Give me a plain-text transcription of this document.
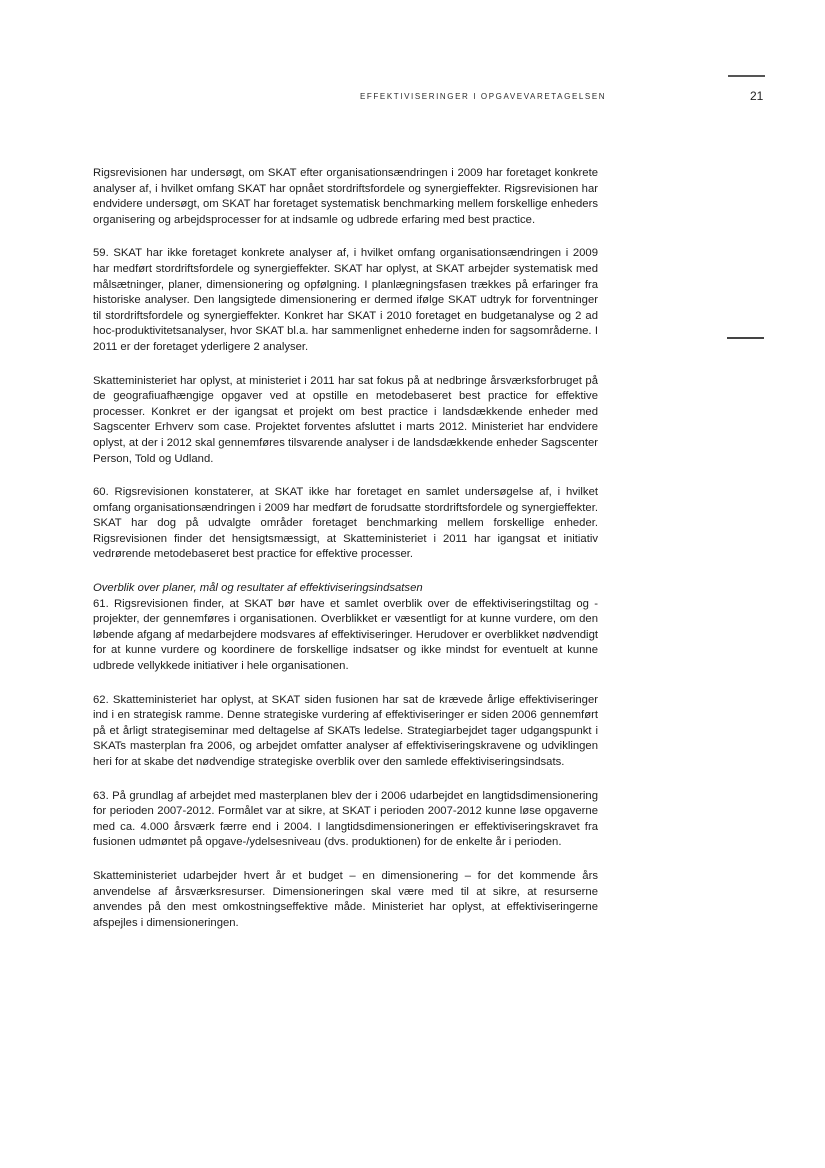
EFFEKTIVISERINGER I OPGAVEVARETAGELSEN	21

Rigsrevisionen har undersøgt, om SKAT efter organisationsændringen i 2009 har foretaget konkrete analyser af, i hvilket omfang SKAT har opnået stordriftsfordele og synergieffekter. Rigsrevisionen har endvidere undersøgt, om SKAT har foretaget systematisk benchmarking mellem forskellige enheders organisering og arbejdsprocesser for at indsamle og udbrede erfaring med best practice.

59. SKAT har ikke foretaget konkrete analyser af, i hvilket omfang organisationsændringen i 2009 har medført stordriftsfordele og synergieffekter. SKAT har oplyst, at SKAT arbejder systematisk med målsætninger, planer, dimensionering og opfølgning. I planlægningsfasen trækkes på erfaringer fra historiske analyser. Den langsigtede dimensionering er dermed ifølge SKAT udtryk for forventninger til stordriftsfordele og synergieffekter. Konkret har SKAT i 2010 foretaget en budgetanalyse og 2 ad hoc-produktivitetsanalyser, hvor SKAT bl.a. har sammenlignet enhederne inden for sagsområderne. I 2011 er der foretaget yderligere 2 analyser.

Skatteministeriet har oplyst, at ministeriet i 2011 har sat fokus på at nedbringe årsværksforbruget på de geografiuafhængige opgaver ved at opstille en metodebaseret best practice for effektive processer. Konkret er der igangsat et projekt om best practice i landsdækkende enheder med Sagscenter Erhverv som case. Projektet forventes afsluttet i marts 2012. Ministeriet har endvidere oplyst, at der i 2012 skal gennemføres tilsvarende analyser i de landsdækkende enheder Sagscenter Person, Told og Udland.

60. Rigsrevisionen konstaterer, at SKAT ikke har foretaget en samlet undersøgelse af, i hvilket omfang organisationsændringen i 2009 har medført de forudsatte stordriftsfordele og synergieffekter. SKAT har dog på udvalgte områder foretaget benchmarking mellem forskellige enheder. Rigsrevisionen finder det hensigtsmæssigt, at Skatteministeriet i 2011 har igangsat et initiativ vedrørende metodebaseret best practice for effektive processer.

Overblik over planer, mål og resultater af effektiviseringsindsatsen

61. Rigsrevisionen finder, at SKAT bør have et samlet overblik over de effektiviseringstiltag og -projekter, der gennemføres i organisationen. Overblikket er væsentligt for at kunne vurdere, om den løbende afgang af medarbejdere modsvares af effektiviseringer. Herudover er overblikket nødvendigt for at kunne vurdere og koordinere de forskellige indsatser og ikke mindst for eventuelt at kunne udbrede vellykkede initiativer i hele organisationen.

62. Skatteministeriet har oplyst, at SKAT siden fusionen har sat de krævede årlige effektiviseringer ind i en strategisk ramme. Denne strategiske vurdering af effektiviseringer er siden 2006 gennemført på et årligt strategiseminar med deltagelse af SKATs ledelse. Strategiarbejdet tager udgangspunkt i SKATs masterplan fra 2006, og arbejdet omfatter analyser af effektiviseringskravene og udviklingen heri for at skabe det nødvendige strategiske overblik over den samlede effektiviseringsindsats.

63. På grundlag af arbejdet med masterplanen blev der i 2006 udarbejdet en langtidsdimensionering for perioden 2007-2012. Formålet var at sikre, at SKAT i perioden 2007-2012 kunne løse opgaverne med ca. 4.000 årsværk færre end i 2004. I langtidsdimensioneringen er effektiviseringskravet fra fusionen udmøntet på opgave-/ydelsesniveau (dvs. produktionen) for de enkelte år i perioden.

Skatteministeriet udarbejder hvert år et budget – en dimensionering – for det kommende års anvendelse af årsværksresurser. Dimensioneringen skal være med til at sikre, at resurserne anvendes på den mest omkostningseffektive måde. Ministeriet har oplyst, at effektiviseringerne afspejles i dimensioneringen.
